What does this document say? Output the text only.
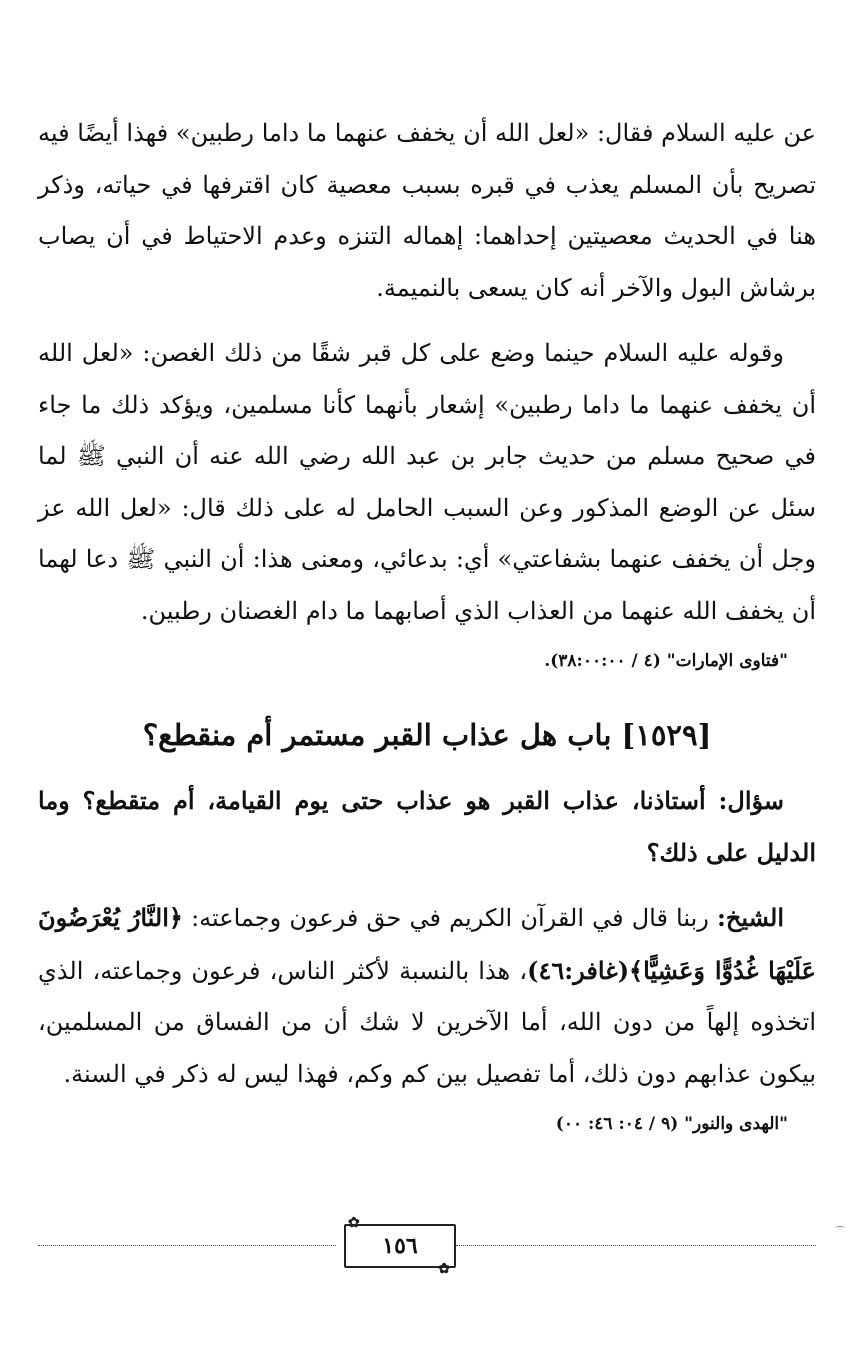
عن عليه السلام فقال: «لعل الله أن يخفف عنهما ما داما رطبين» فهذا أيضًا فيه تصريح بأن المسلم يعذب في قبره بسبب معصية كان اقترفها في حياته، وذكر هنا في الحديث معصيتين إحداهما: إهماله التنزه وعدم الاحتياط في أن يصاب برشاش البول والآخر أنه كان يسعى بالنميمة.

وقوله عليه السلام حينما وضع على كل قبر شقًا من ذلك الغصن: «لعل الله أن يخفف عنهما ما داما رطبين» إشعار بأنهما كأنا مسلمين، ويؤكد ذلك ما جاء في صحيح مسلم من حديث جابر بن عبد الله رضي الله عنه أن النبي ﷺ لما سئل عن الوضع المذكور وعن السبب الحامل له على ذلك قال: «لعل الله عز وجل أن يخفف عنهما بشفاعتي» أي: بدعائي، ومعنى هذا: أن النبي ﷺ دعا لهما أن يخفف الله عنهما من العذاب الذي أصابهما ما دام الغصنان رطبين.

"فتاوى الإمارات" (٤ / ٣٨:٠٠:٠٠).
[١٥٢٩] باب هل عذاب القبر مستمر أم منقطع؟

سؤال: أستاذنا، عذاب القبر هو عذاب حتى يوم القيامة، أم متقطع؟ وما الدليل على ذلك؟

الشيخ: ربنا قال في القرآن الكريم في حق فرعون وجماعته: ﴿النَّارُ يُعْرَضُونَ عَلَيْهَا غُدُوًّا وَعَشِيًّا﴾(غافر:٤٦)، هذا بالنسبة لأكثر الناس، فرعون وجماعته، الذي اتخذوه إلهاً من دون الله، أما الآخرين لا شك أن من الفساق من المسلمين، بيكون عذابهم دون ذلك، أما تفصيل بين كم وكم، فهذا ليس له ذكر في السنة.

"الهدى والنور" (٩ / ٠٤: ٤٦: ٠٠)
✿
١٥٦
✿
